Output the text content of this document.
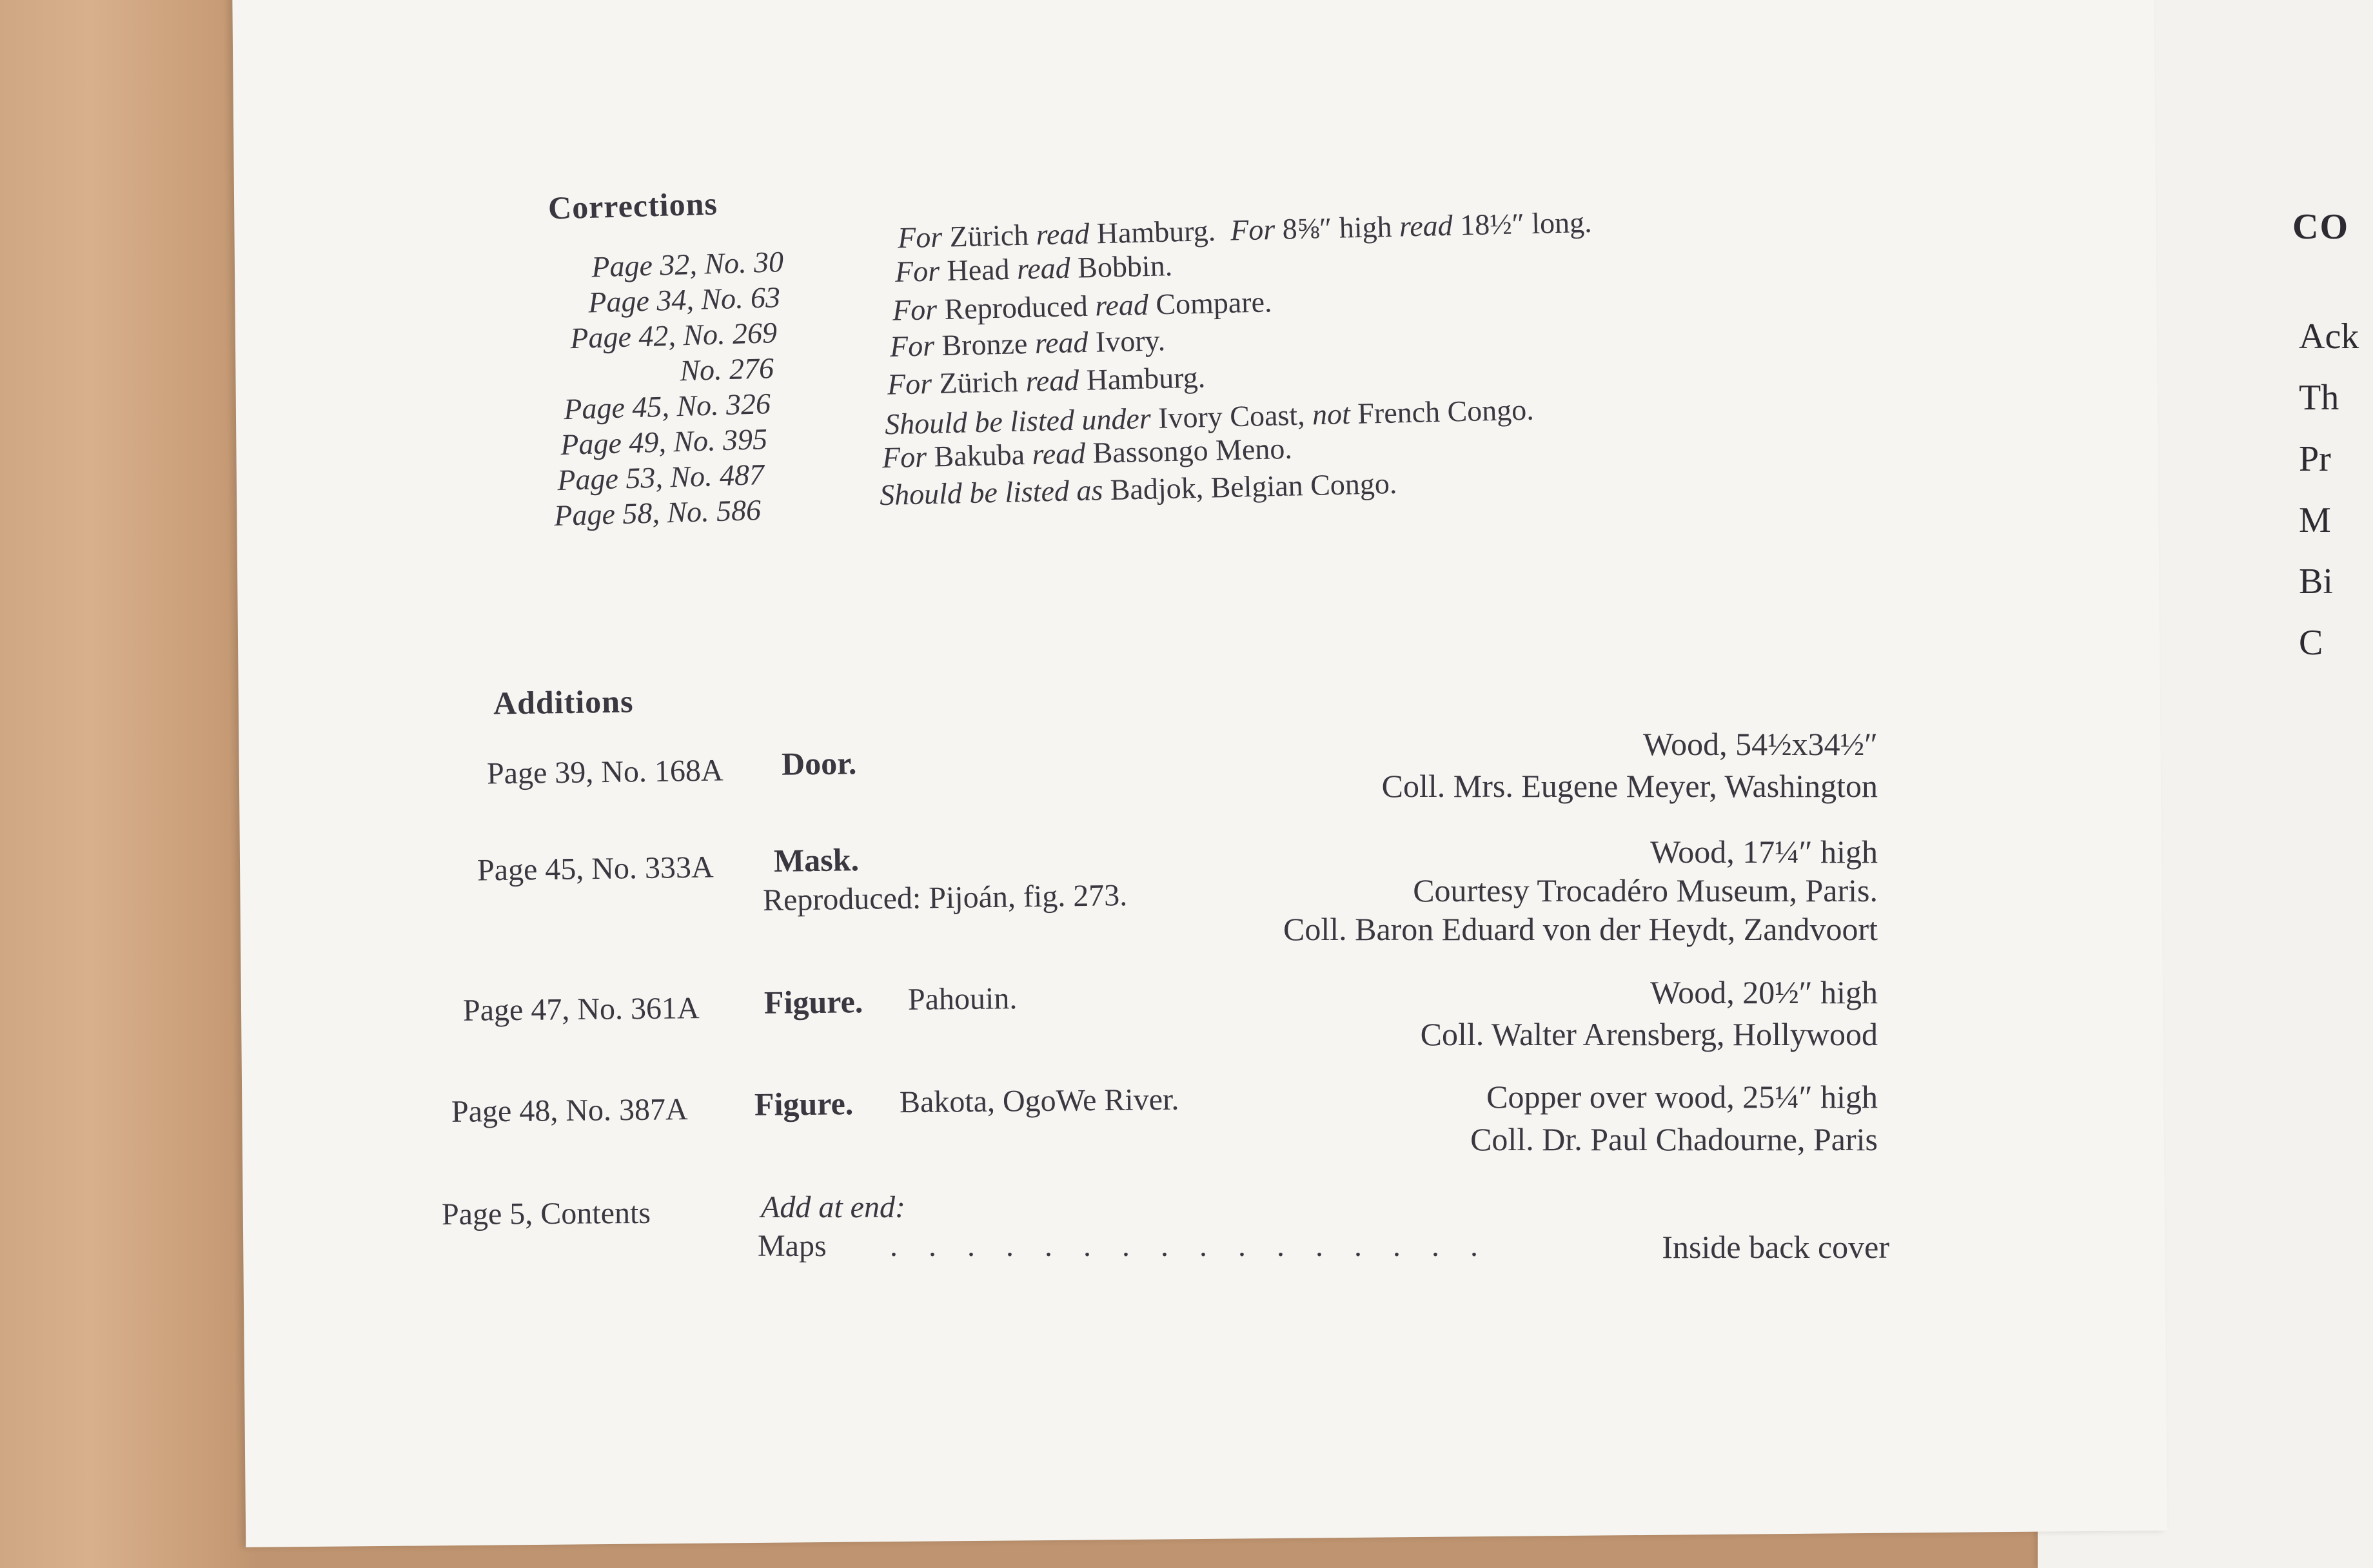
CO
Ack
Th
Pr
M
Bi
C
Corrections
Page 32, No. 30
For Zürich read Hamburg.  For 8⅝″ high read 18½″ long.
Page 34, No. 63
For Head read Bobbin.
Page 42, No. 269
For Reproduced read Compare.
No. 276
For Bronze read Ivory.
Page 45, No. 326
For Zürich read Hamburg.
Page 49, No. 395
Should be listed under Ivory Coast, not French Congo.
Page 53, No. 487
For Bakuba read Bassongo Meno.
Page 58, No. 586
Should be listed as Badjok, Belgian Congo.
Additions
Page 39, No. 168A Door.
Wood, 54½x34½″
Coll. Mrs. Eugene Meyer, Washington
Page 45, No. 333A Mask.
Reproduced: Pijoán, fig. 273.
Wood, 17¼″ high
Courtesy Trocadéro Museum, Paris.
Coll. Baron Eduard von der Heydt, Zandvoort
Page 47, No. 361A Figure. Pahouin.	Wood, 20½″ high
Coll. Walter Arensberg, Hollywood
Page 48, No. 387A Figure. Bakota, OgoWe River.	Copper over wood, 25¼″ high
Coll. Dr. Paul Chadourne, Paris
Page 5, Contents	Add at end:
Maps . . . . . . . . . . . . . . . .	Inside back cover
